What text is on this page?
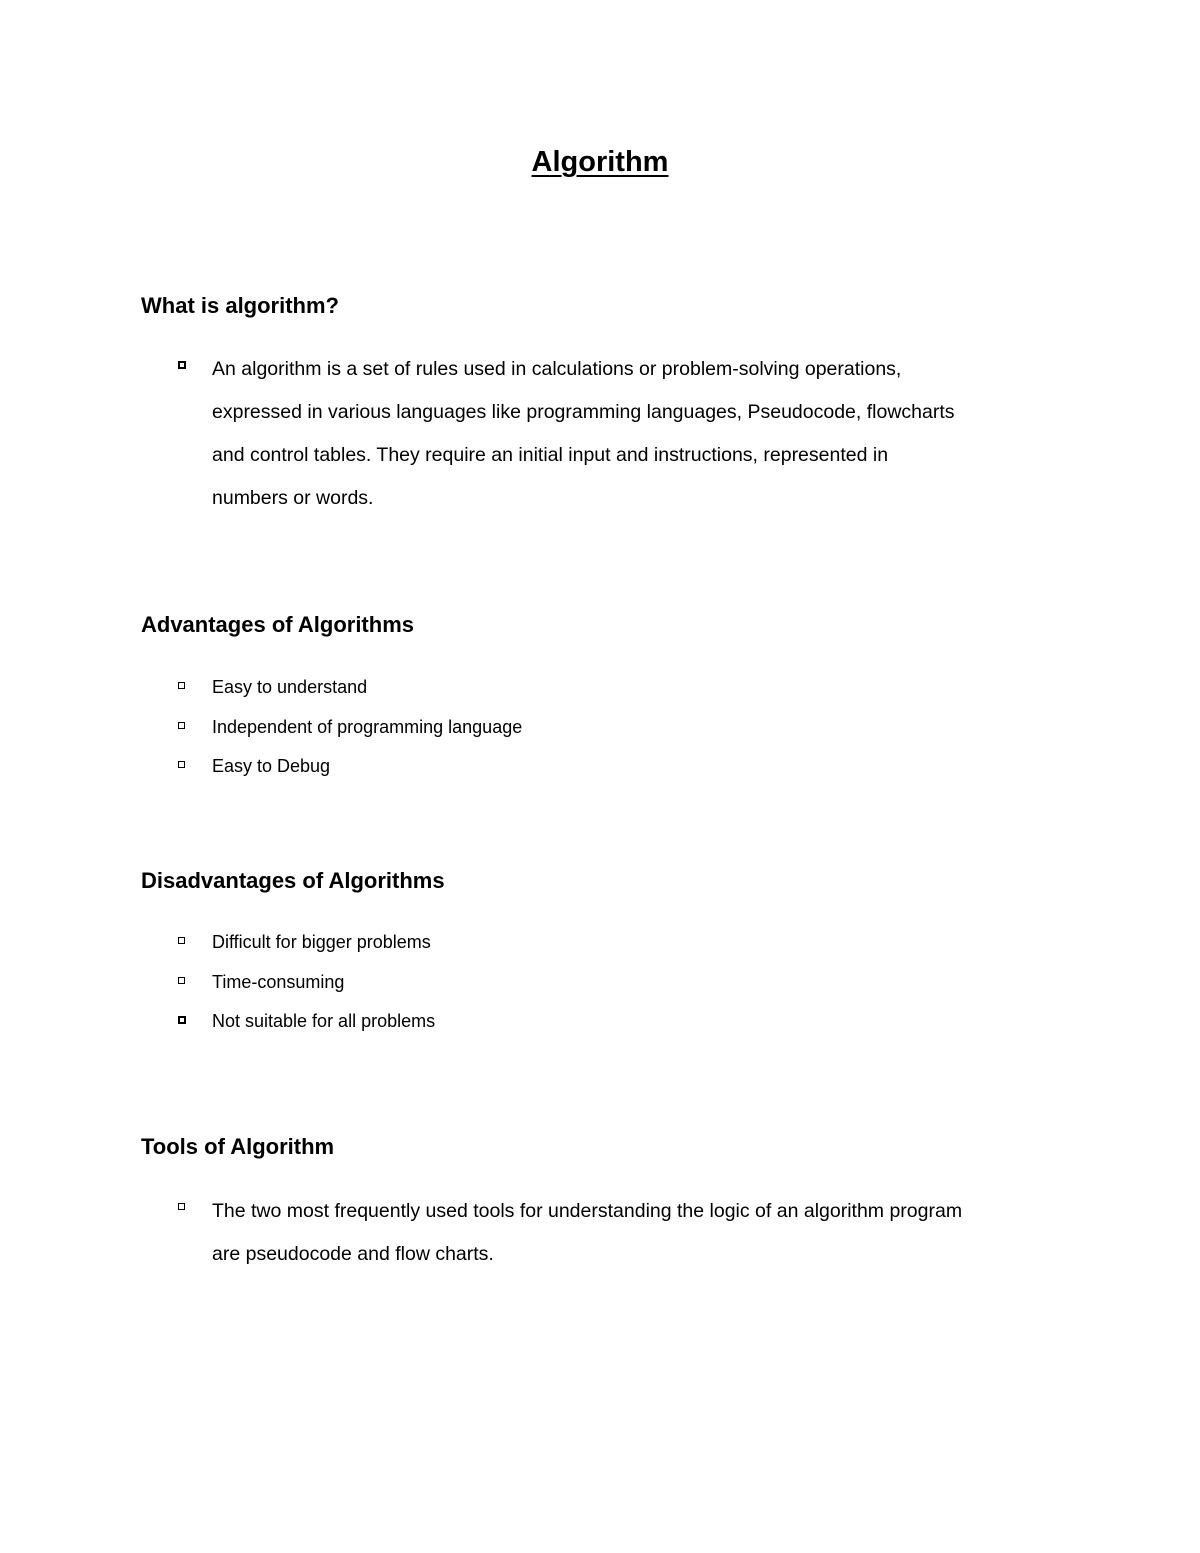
Algorithm
What is algorithm?
An algorithm is a set of rules used in calculations or problem-solving operations,
expressed in various languages like programming languages, Pseudocode, flowcharts
and control tables. They require an initial input and instructions, represented in
numbers or words.
Advantages of Algorithms
Easy to understand
Independent of programming language
Easy to Debug
Disadvantages of Algorithms
Difficult for bigger problems
Time-consuming
Not suitable for all problems
Tools of Algorithm
The two most frequently used tools for understanding the logic of an algorithm program
are pseudocode and flow charts.
